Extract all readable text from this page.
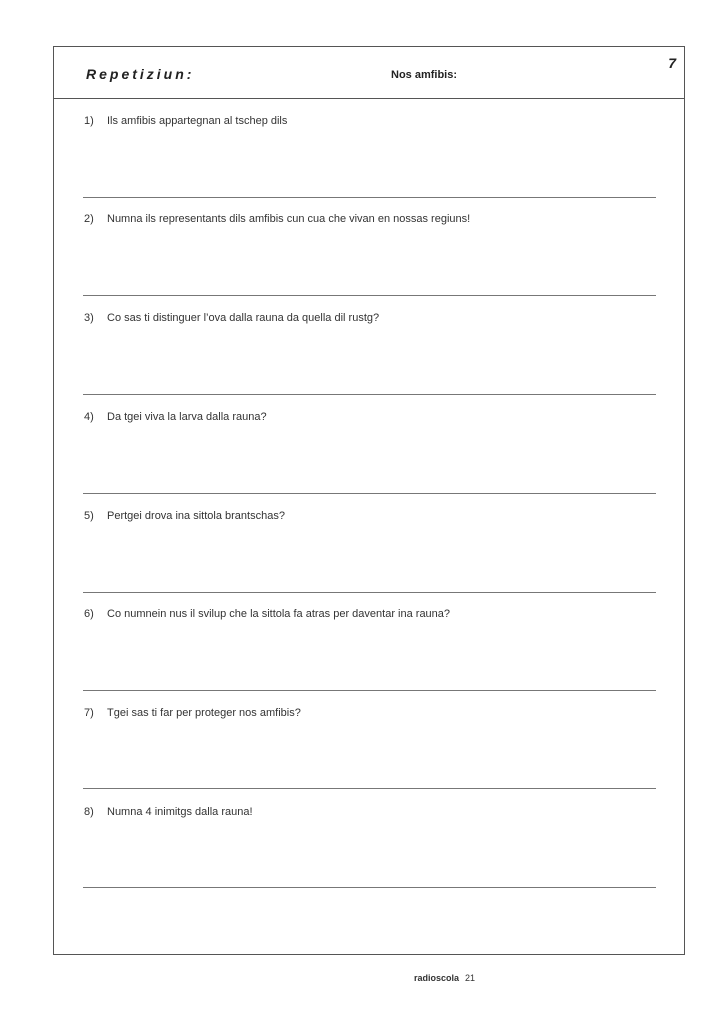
Repetiziun:	Nos amfibis:
7
1) Ils amfibis appartegnan al tschep dils
2) Numna ils representants dils amfibis cun cua che vivan en nossas regiuns!
3) Co sas ti distinguer l’ova dalla rauna da quella dil rustg?
4) Da tgei viva la larva dalla rauna?
5) Pertgei drova ina sittola brantschas?
6) Co numnein nus il svilup che la sittola fa atras per daventar ina rauna?
7) Tgei sas ti far per proteger nos amfibis?
8) Numna 4 inimitgs dalla rauna!
radioscola 21
